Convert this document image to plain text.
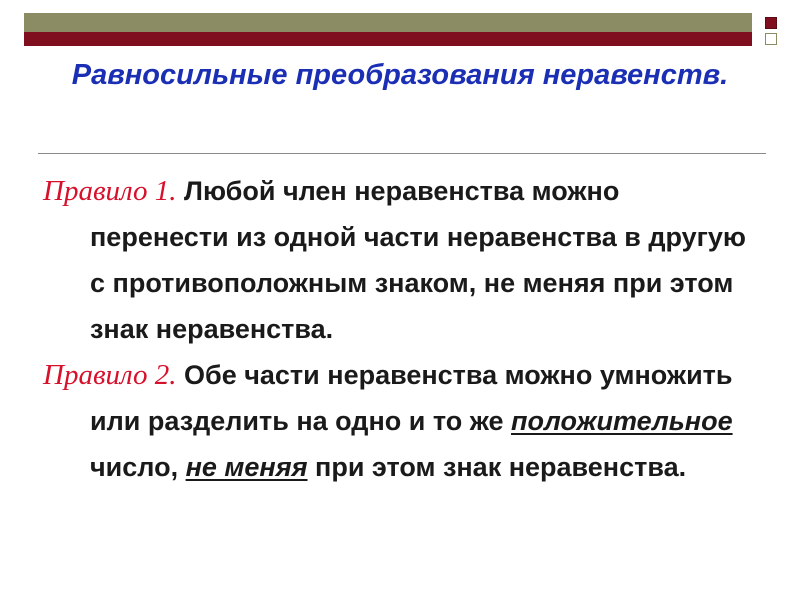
Равносильные преобразования неравенств.

Правило 1. Любой член неравенства можно перенести из одной части неравенства в другую с противоположным знаком, не меняя при этом знак неравенства.

Правило 2. Обе части неравенства можно умножить или разделить на одно и то же положительное число, не меняя при этом знак неравенства.
